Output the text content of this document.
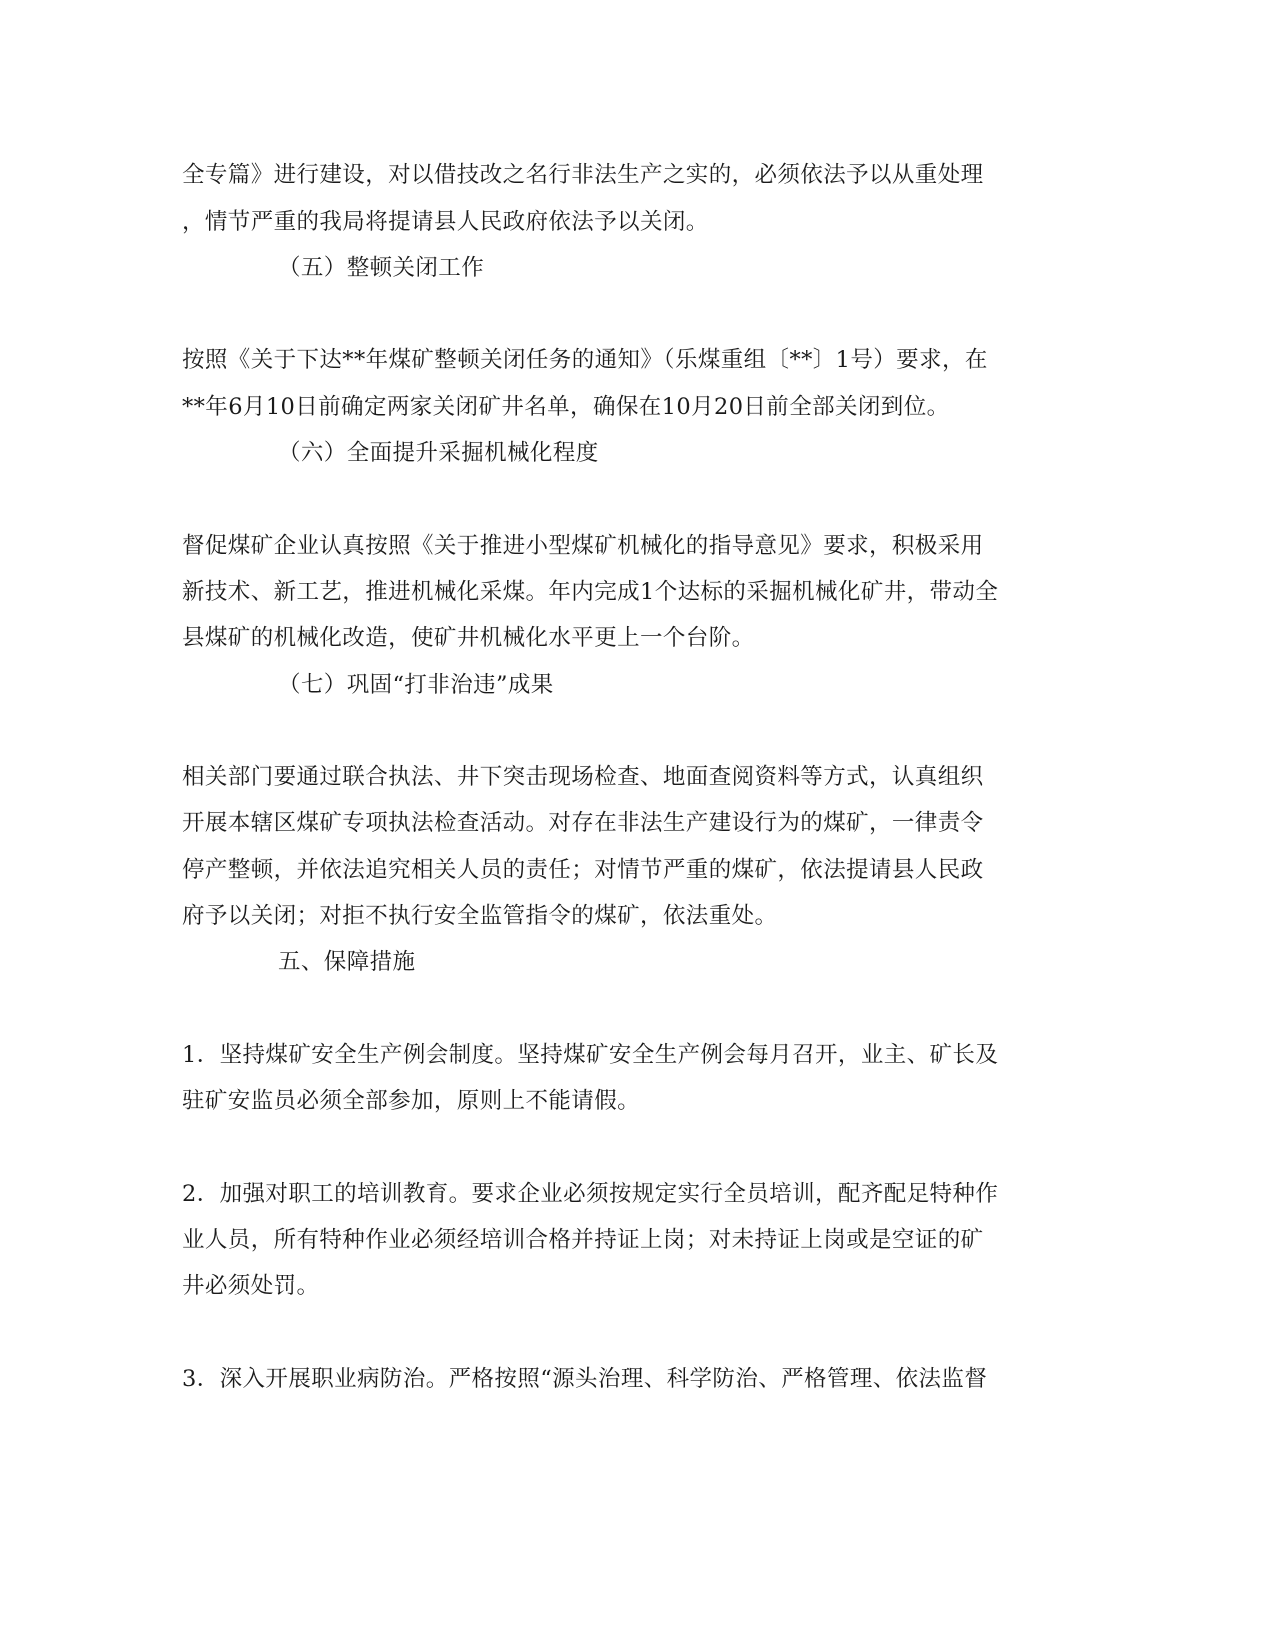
全专篇》进行建设，对以借技改之名行非法生产之实的，必须依法予以从重处理
，情节严重的我局将提请县人民政府依法予以关闭。
（五）整顿关闭工作
按照《关于下达**年煤矿整顿关闭任务的通知》（乐煤重组〔**〕1号）要求，在
**年6月10日前确定两家关闭矿井名单，确保在10月20日前全部关闭到位。
（六）全面提升采掘机械化程度
督促煤矿企业认真按照《关于推进小型煤矿机械化的指导意见》要求，积极采用
新技术、新工艺，推进机械化采煤。年内完成1个达标的采掘机械化矿井，带动全
县煤矿的机械化改造，使矿井机械化水平更上一个台阶。
（七）巩固“打非治违”成果
相关部门要通过联合执法、井下突击现场检查、地面查阅资料等方式，认真组织
开展本辖区煤矿专项执法检查活动。对存在非法生产建设行为的煤矿，一律责令
停产整顿，并依法追究相关人员的责任；对情节严重的煤矿，依法提请县人民政
府予以关闭；对拒不执行安全监管指令的煤矿，依法重处。
五、保障措施
1．坚持煤矿安全生产例会制度。坚持煤矿安全生产例会每月召开，业主、矿长及
驻矿安监员必须全部参加，原则上不能请假。
2．加强对职工的培训教育。要求企业必须按规定实行全员培训，配齐配足特种作
业人员，所有特种作业必须经培训合格并持证上岗；对未持证上岗或是空证的矿
井必须处罚。
3．深入开展职业病防治。严格按照“源头治理、科学防治、严格管理、依法监督
